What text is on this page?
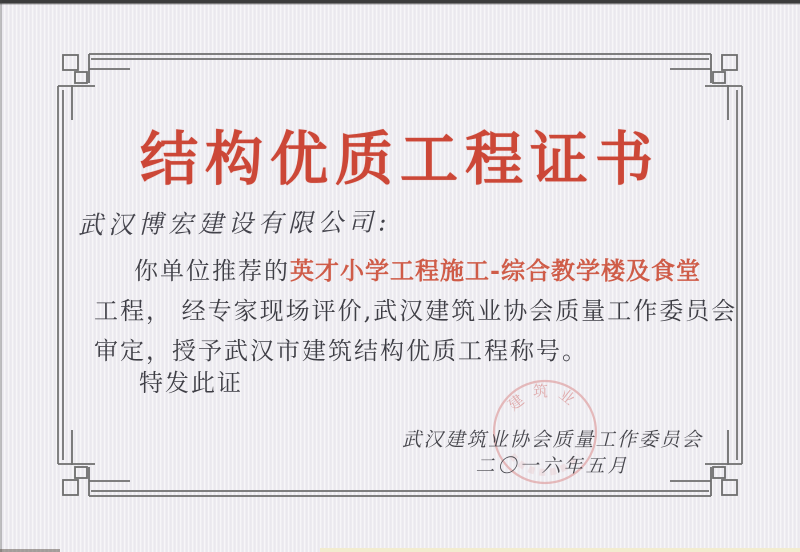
建筑业
结构优质工程证书
武汉博宏建设有限公司:
你单位推荐的英才小学工程施工-综合教学楼及食堂
工程， 经专家现场评价,武汉建筑业协会质量工作委员会
审定，授予武汉市建筑结构优质工程称号。
特发此证
武汉建筑业协会质量工作委员会
二〇一六年五月
